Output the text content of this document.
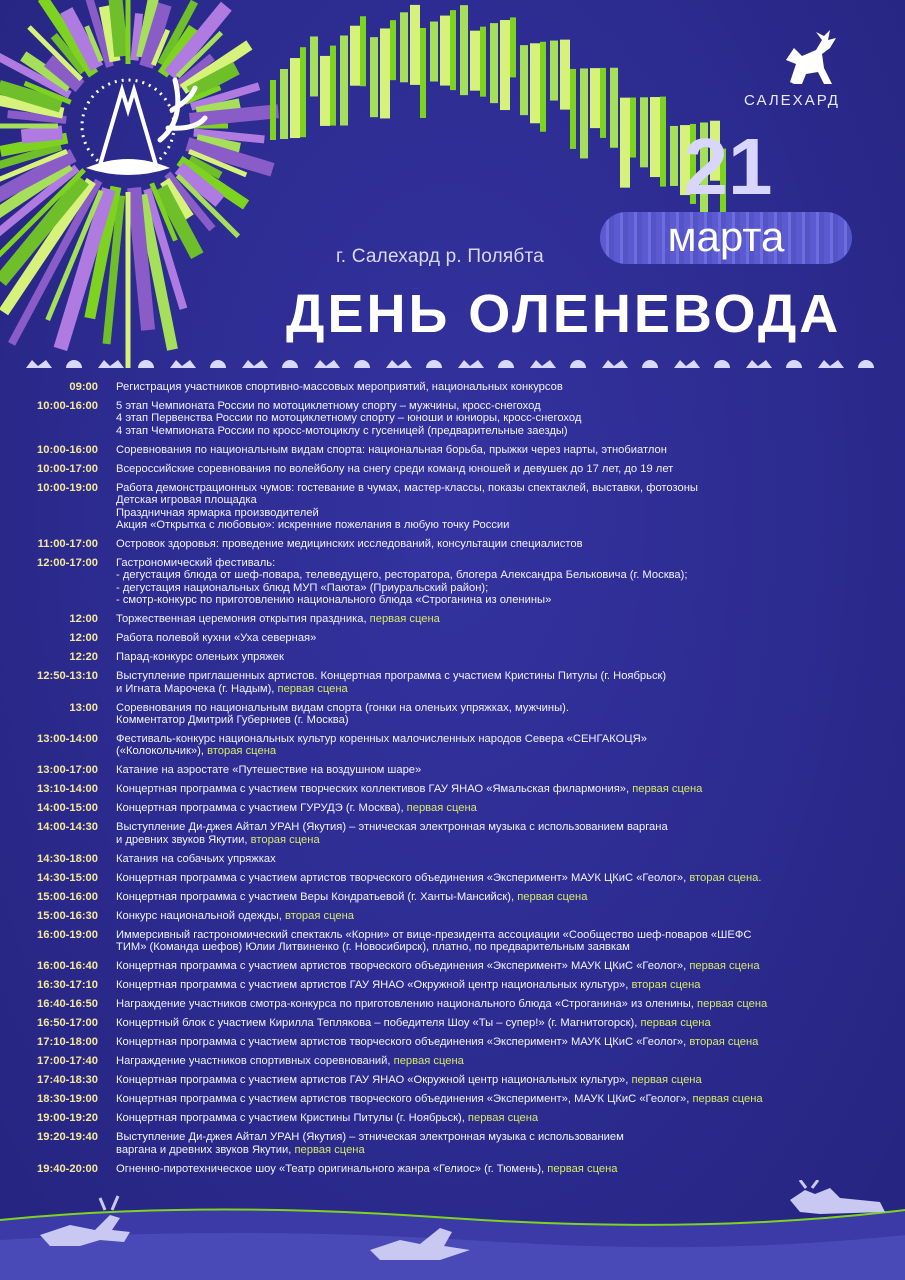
САЛЕХАРД
21
марта
г. Салехард р. Полябта
ДЕНЬ ОЛЕНЕВОДА
09:00 Регистрация участников спортивно-массовых мероприятий, национальных конкурсов
10:00-16:00 5 этап Чемпионата России по мотоциклетному спорту – мужчины, кросс-снегоход
4 этап Первенства России по мотоциклетному спорту – юноши и юниоры, кросс-снегоход
4 этап Чемпионата России по кросс-мотоциклу с гусеницей (предварительные заезды)
10:00-16:00 Соревнования по национальным видам спорта: национальная борьба, прыжки через нарты, этнобиатлон
10:00-17:00 Всероссийские соревнования по волейболу на снегу среди команд юношей и девушек до 17 лет, до 19 лет
10:00-19:00 Работа демонстрационных чумов: гостевание в чумах, мастер-классы, показы спектаклей, выставки, фотозоны
Детская игровая площадка
Праздничная ярмарка производителей
Акция «Открытка с любовью»: искренние пожелания в любую точку России
11:00-17:00 Островок здоровья: проведение медицинских исследований, консультации специалистов
12:00-17:00 Гастрономический фестиваль:
- дегустация блюда от шеф-повара, телеведущего, ресторатора, блогера Александра Бельковича (г. Москва);
- дегустация национальных блюд МУП «Паюта» (Приуральский район);
- смотр-конкурс по приготовлению национального блюда «Строганина из оленины»
12:00 Торжественная церемония открытия праздника, первая сцена
12:00 Работа полевой кухни «Уха северная»
12:20 Парад-конкурс оленьих упряжек
12:50-13:10 Выступление приглашенных артистов. Концертная программа с участием Кристины Питулы (г. Ноябрьск)
и Игната Марочека (г. Надым), первая сцена
13:00 Соревнования по национальным видам спорта (гонки на оленьих упряжках, мужчины).
Комментатор Дмитрий Губерниев (г. Москва)
13:00-14:00 Фестиваль-конкурс национальных культур коренных малочисленных народов Севера «СЕНГАКОЦЯ»
(«Колокольчик»), вторая сцена
13:00-17:00 Катание на аэростате «Путешествие на воздушном шаре»
13:10-14:00 Концертная программа с участием творческих коллективов ГАУ ЯНАО «Ямальская филармония», первая сцена
14:00-15:00 Концертная программа с участием ГУРУДЭ (г. Москва), первая сцена
14:00-14:30 Выступление Ди-джея Айтал УРАН (Якутия) – этническая электронная музыка с использованием варгана
и древних звуков Якутии, вторая сцена
14:30-18:00 Катания на собачьих упряжках
14:30-15:00 Концертная программа с участием артистов творческого объединения «Эксперимент» МАУК ЦКиС «Геолог», вторая сцена.
15:00-16:00 Концертная программа с участием Веры Кондратьевой (г. Ханты-Мансийск), первая сцена
15:00-16:30 Конкурс национальной одежды, вторая сцена
16:00-19:00 Иммерсивный гастрономический спектакль «Корни» от вице-президента ассоциации «Сообщество шеф-поваров «ШЕФС
ТИМ» (Команда шефов) Юлии Литвиненко (г. Новосибирск), платно, по предварительным заявкам
16:00-16:40 Концертная программа с участием артистов творческого объединения «Эксперимент» МАУК ЦКиС «Геолог», первая сцена
16:30-17:10 Концертная программа с участием артистов ГАУ ЯНАО «Окружной центр национальных культур», вторая сцена
16:40-16:50 Награждение участников смотра-конкурса по приготовлению национального блюда «Строганина» из оленины, первая сцена
16:50-17:00 Концертный блок с участием Кирилла Теплякова – победителя Шоу «Ты – супер!» (г. Магнитогорск), первая сцена
17:10-18:00 Концертная программа с участием артистов творческого объединения «Эксперимент» МАУК ЦКиС «Геолог», вторая сцена
17:00-17:40 Награждение участников спортивных соревнований, первая сцена
17:40-18:30 Концертная программа с участием артистов ГАУ ЯНАО «Окружной центр национальных культур», первая сцена
18:30-19:00 Концертная программа с участием артистов творческого объединения «Эксперимент», МАУК ЦКиС «Геолог», первая сцена
19:00-19:20 Концертная программа с участием Кристины Питулы (г. Ноябрьск), первая сцена
19:20-19:40 Выступление Ди-джея Айтал УРАН (Якутия) – этническая электронная музыка с использованием
варгана и древних звуков Якутии, первая сцена
19:40-20:00 Огненно-пиротехническое шоу «Театр оригинального жанра «Гелиос» (г. Тюмень), первая сцена
